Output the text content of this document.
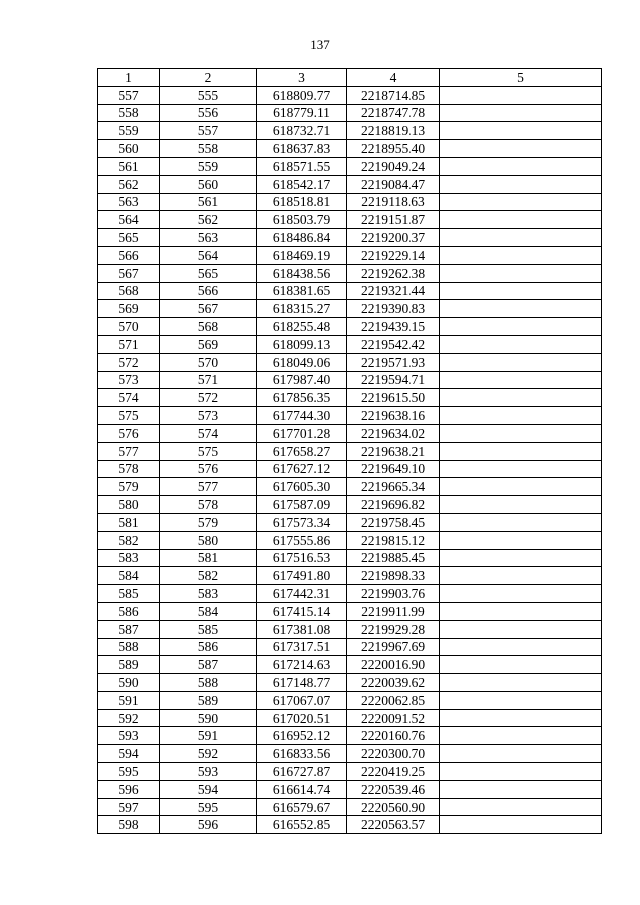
137
1	2	3	4	5
557	555	618809.77	2218714.85	
558	556	618779.11	2218747.78	
559	557	618732.71	2218819.13	
560	558	618637.83	2218955.40	
561	559	618571.55	2219049.24	
562	560	618542.17	2219084.47	
563	561	618518.81	2219118.63	
564	562	618503.79	2219151.87	
565	563	618486.84	2219200.37	
566	564	618469.19	2219229.14	
567	565	618438.56	2219262.38	
568	566	618381.65	2219321.44	
569	567	618315.27	2219390.83	
570	568	618255.48	2219439.15	
571	569	618099.13	2219542.42	
572	570	618049.06	2219571.93	
573	571	617987.40	2219594.71	
574	572	617856.35	2219615.50	
575	573	617744.30	2219638.16	
576	574	617701.28	2219634.02	
577	575	617658.27	2219638.21	
578	576	617627.12	2219649.10	
579	577	617605.30	2219665.34	
580	578	617587.09	2219696.82	
581	579	617573.34	2219758.45	
582	580	617555.86	2219815.12	
583	581	617516.53	2219885.45	
584	582	617491.80	2219898.33	
585	583	617442.31	2219903.76	
586	584	617415.14	2219911.99	
587	585	617381.08	2219929.28	
588	586	617317.51	2219967.69	
589	587	617214.63	2220016.90	
590	588	617148.77	2220039.62	
591	589	617067.07	2220062.85	
592	590	617020.51	2220091.52	
593	591	616952.12	2220160.76	
594	592	616833.56	2220300.70	
595	593	616727.87	2220419.25	
596	594	616614.74	2220539.46	
597	595	616579.67	2220560.90	
598	596	616552.85	2220563.57	
